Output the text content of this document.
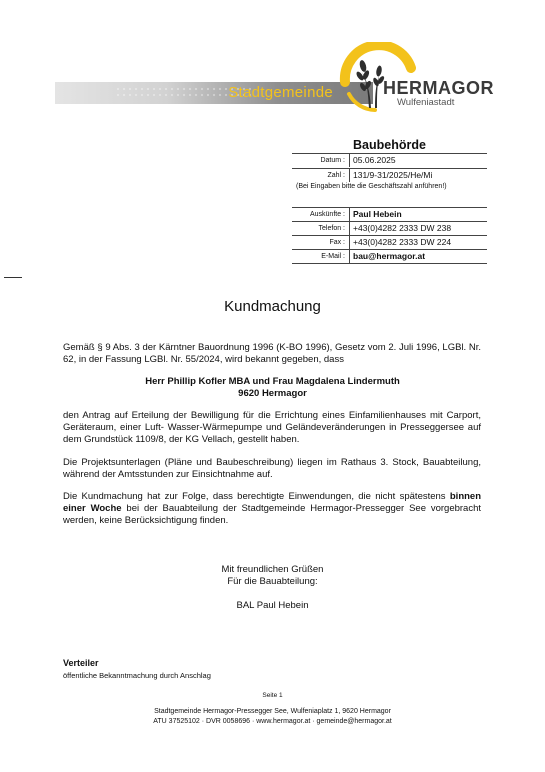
Stadtgemeinde	HERMAGOR
Wulfeniastadt
Baubehörde
Datum : 05.06.2025
Zahl : 131/9-31/2025/He/Mi
(Bei Eingaben bitte die Geschäftszahl anführen!)
Auskünfte : Paul Hebein
Telefon : +43(0)4282 2333 DW 238
Fax : +43(0)4282 2333 DW 224
E-Mail : bau@hermagor.at
Kundmachung
Gemäß § 9 Abs. 3 der Kärntner Bauordnung 1996 (K-BO 1996), Gesetz vom 2. Juli 1996, LGBl. Nr. 62, in der Fassung LGBl. Nr. 55/2024, wird bekannt gegeben, dass
Herr Phillip Kofler MBA und Frau Magdalena Lindermuth
9620 Hermagor
den Antrag auf Erteilung der Bewilligung für die Errichtung eines Einfamilienhauses mit Carport, Geräteraum, einer Luft- Wasser-Wärmepumpe und Geländeveränderungen in Presseggersee auf dem Grundstück 1109/8, der KG Vellach, gestellt haben.
Die Projektsunterlagen (Pläne und Baubeschreibung) liegen im Rathaus 3. Stock, Bauabteilung, während der Amtsstunden zur Einsichtnahme auf.
Die Kundmachung hat zur Folge, dass berechtigte Einwendungen, die nicht spätestens binnen einer Woche bei der Bauabteilung der Stadtgemeinde Hermagor-Pressegger See vorgebracht werden, keine Berücksichtigung finden.
Mit freundlichen Grüßen
Für die Bauabteilung:
BAL Paul Hebein
Verteiler
öffentliche Bekanntmachung durch Anschlag
Seite 1
Stadtgemeinde Hermagor-Pressegger See, Wulfeniaplatz 1, 9620 Hermagor
ATU 37525102 · DVR 0058696 · www.hermagor.at · gemeinde@hermagor.at
